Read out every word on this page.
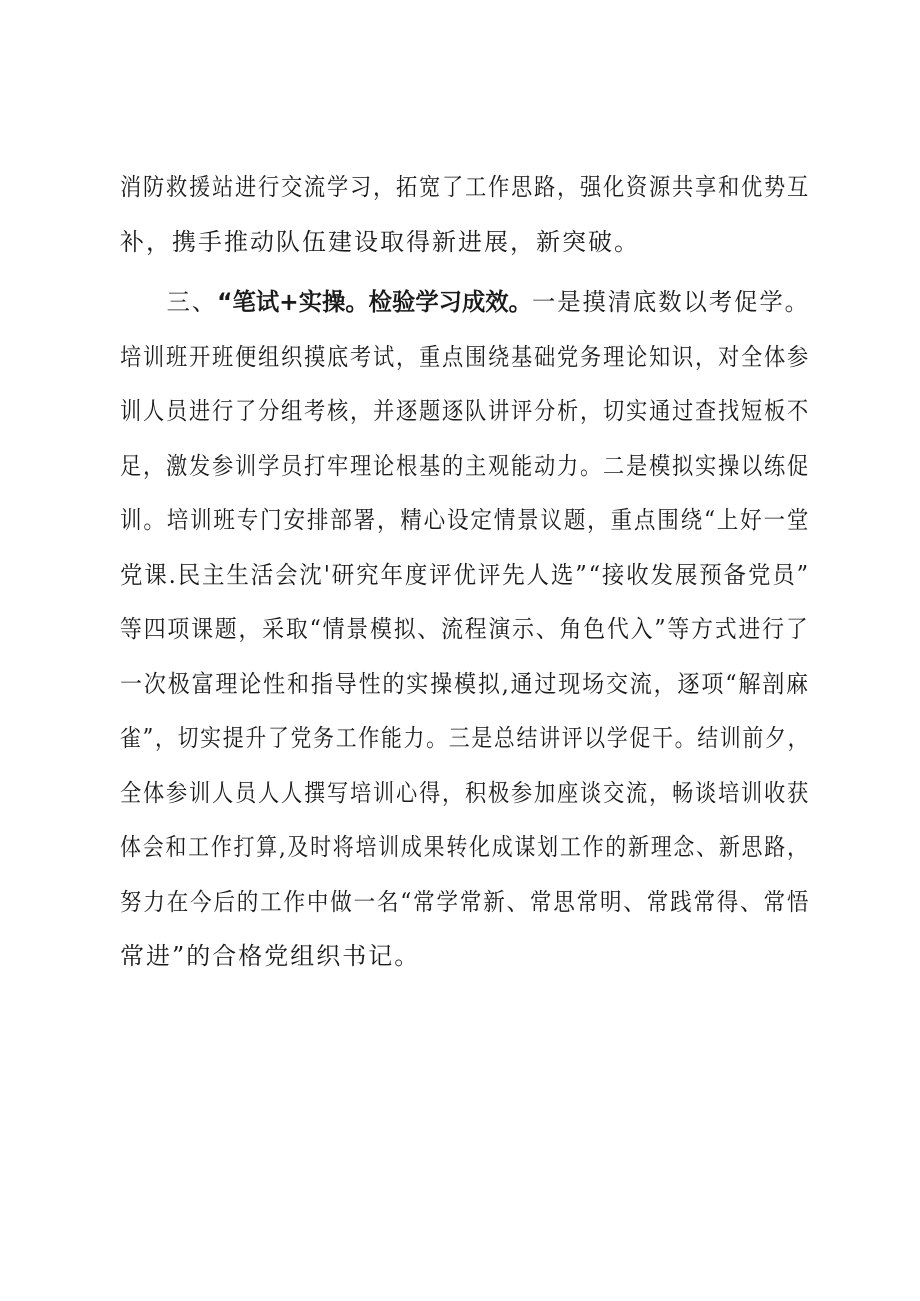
消防救援站进行交流学习，拓宽了工作思路，强化资源共享和优势互

补，携手推动队伍建设取得新进展，新突破。

三、“笔试+实操。检验学习成效。一是摸清底数以考促学。

培训班开班便组织摸底考试，重点围绕基础党务理论知识，对全体参

训人员进行了分组考核，并逐题逐队讲评分析，切实通过查找短板不

足，激发参训学员打牢理论根基的主观能动力。二是模拟实操以练促

训。培训班专门安排部署，精心设定情景议题，重点围绕“上好一堂

党课.民主生活会沈'研究年度评优评先人选”“接收发展预备党员”

等四项课题，采取“情景模拟、流程演示、角色代入”等方式进行了

一次极富理论性和指导性的实操模拟,通过现场交流，逐项“解剖麻

雀”，切实提升了党务工作能力。三是总结讲评以学促干。结训前夕，

全体参训人员人人撰写培训心得，积极参加座谈交流，畅谈培训收获

体会和工作打算,及时将培训成果转化成谋划工作的新理念、新思路，

努力在今后的工作中做一名“常学常新、常思常明、常践常得、常悟

常进”的合格党组织书记。
